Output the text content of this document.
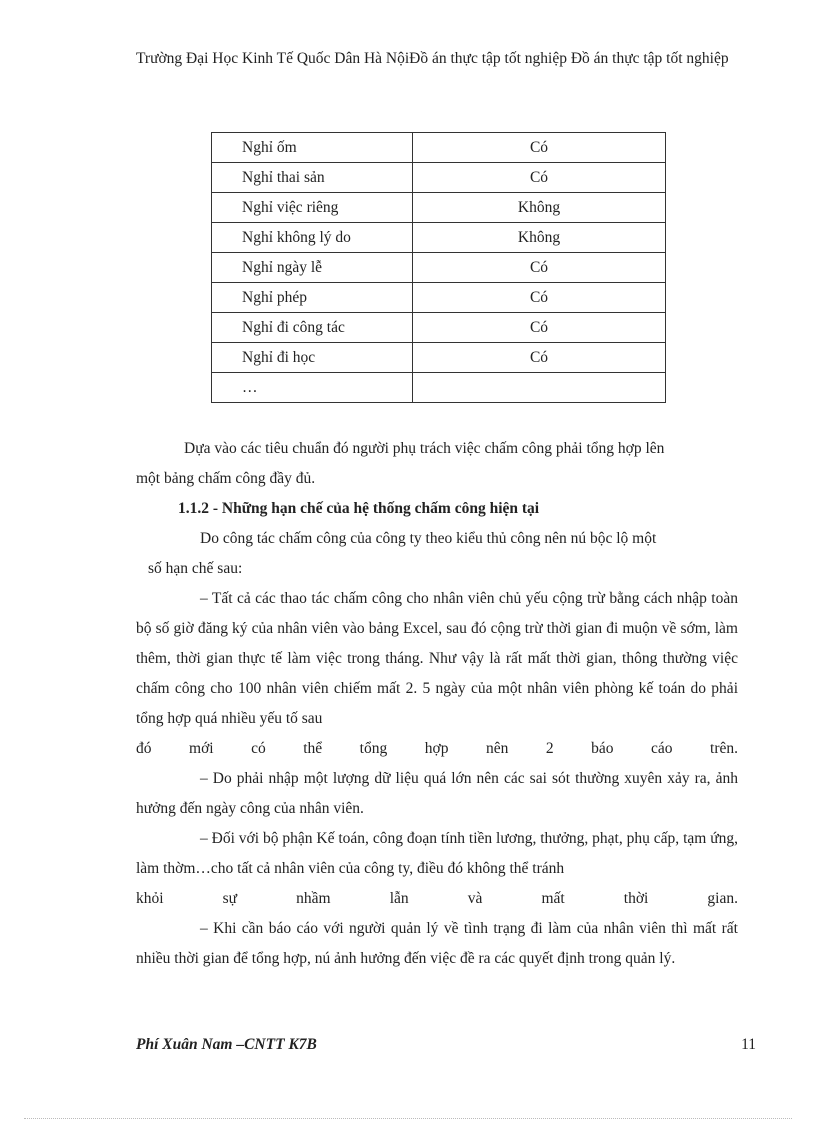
Trường Đại Học Kinh Tế Quốc Dân Hà NộiĐồ án thực tập tốt nghiệp Đồ án thực tập tốt nghiệp
Nghỉ ốm	Có
Nghỉ thai sản	Có
Nghỉ việc riêng	Không
Nghỉ không lý do	Không
Nghỉ ngày lễ	Có
Nghỉ phép	Có
Nghỉ đi công tác	Có
Nghỉ đi học	Có
…	

Dựa vào các tiêu chuẩn đó người phụ trách việc chấm công phải tổng hợp lên

một bảng chấm công đầy đủ.

1.1.2 - Những hạn chế của hệ thống chấm công hiện tại

Do công tác chấm công của công ty theo kiểu thủ công nên nú bộc lộ một

số hạn chế sau:

– Tất cả các thao tác chấm công cho nhân viên chủ yếu cộng trừ bằng cách nhập toàn bộ số giờ đăng ký của nhân viên vào bảng Excel, sau đó cộng trừ thời gian đi muộn về sớm, làm thêm, thời gian thực tế làm việc trong tháng. Như vậy là rất mất thời gian, thông thường việc chấm công cho 100 nhân viên chiếm mất 2. 5 ngày của một nhân viên phòng kế toán do phải tổng hợp quá nhiều yếu tố sau

đó mới có thể tổng hợp nên 2 báo cáo trên.

– Do phải nhập một lượng dữ liệu quá lớn nên các sai sót thường xuyên xảy ra, ảnh hưởng đến ngày công của nhân viên.

– Đối với bộ phận Kế toán, công đoạn tính tiền lương, thưởng, phạt, phụ cấp, tạm ứng, làm thờm…cho tất cả nhân viên của công ty, điều đó không thể tránh

khỏi sự nhầm lẫn và mất thời gian.

– Khi cần báo cáo với người quản lý về tình trạng đi làm của nhân viên thì mất rất nhiều thời gian để tổng hợp, nú ảnh hưởng đến việc đề ra các quyết định trong quản lý.

Phí Xuân Nam –CNTT K7B	11
